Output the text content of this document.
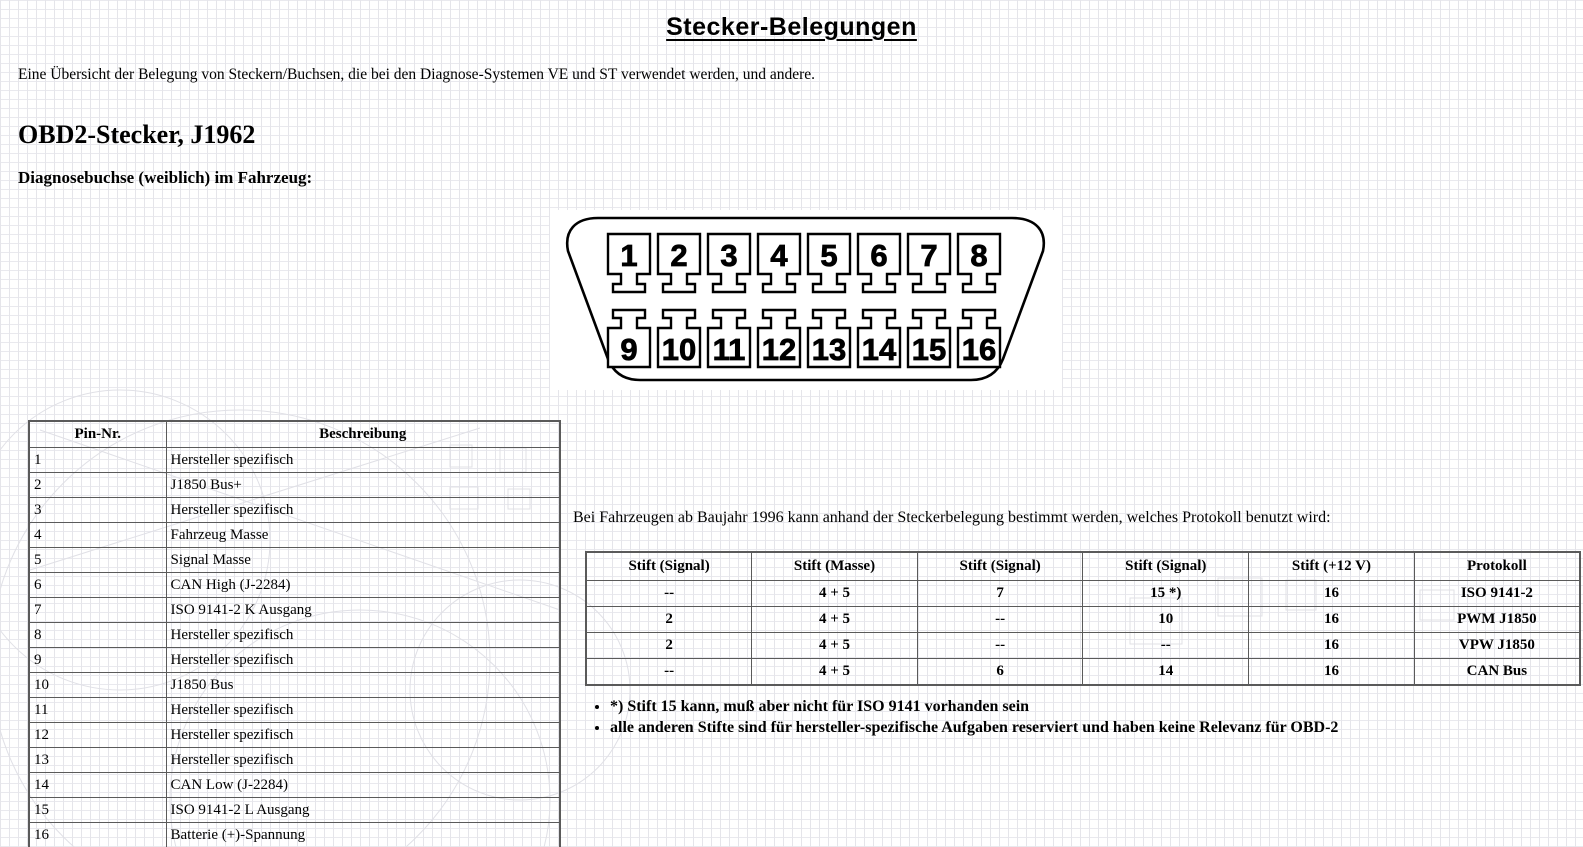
Stecker-Belegungen

Eine Übersicht der Belegung von Steckern/Buchsen, die bei den Diagnose-Systemen VE und ST verwendet werden, und andere.

OBD2-Stecker, J1962
Diagnosebuchse (weiblich) im Fahrzeug:
1 2 3 4 5 6 7 8
9 10 11 12 13 14 15 16
Pin-Nr.	Beschreibung
1	Hersteller spezifisch
2	J1850 Bus+
3	Hersteller spezifisch
4	Fahrzeug Masse
5	Signal Masse
6	CAN High (J-2284)
7	ISO 9141-2 K Ausgang
8	Hersteller spezifisch
9	Hersteller spezifisch
10	J1850 Bus
11	Hersteller spezifisch
12	Hersteller spezifisch
13	Hersteller spezifisch
14	CAN Low (J-2284)
15	ISO 9141-2 L Ausgang
16	Batterie (+)-Spannung

Bei Fahrzeugen ab Baujahr 1996 kann anhand der Steckerbelegung bestimmt werden, welches Protokoll benutzt wird:

Stift (Signal)	Stift (Masse)	Stift (Signal)	Stift (Signal)	Stift (+12 V)	Protokoll
--	4 + 5	7	15 *)	16	ISO 9141-2
2	4 + 5	--	10	16	PWM J1850
2	4 + 5	--	--	16	VPW J1850
--	4 + 5	6	14	16	CAN Bus
• *) Stift 15 kann, muß aber nicht für ISO 9141 vorhanden sein
• alle anderen Stifte sind für hersteller-spezifische Aufgaben reserviert und haben keine Relevanz für OBD-2
